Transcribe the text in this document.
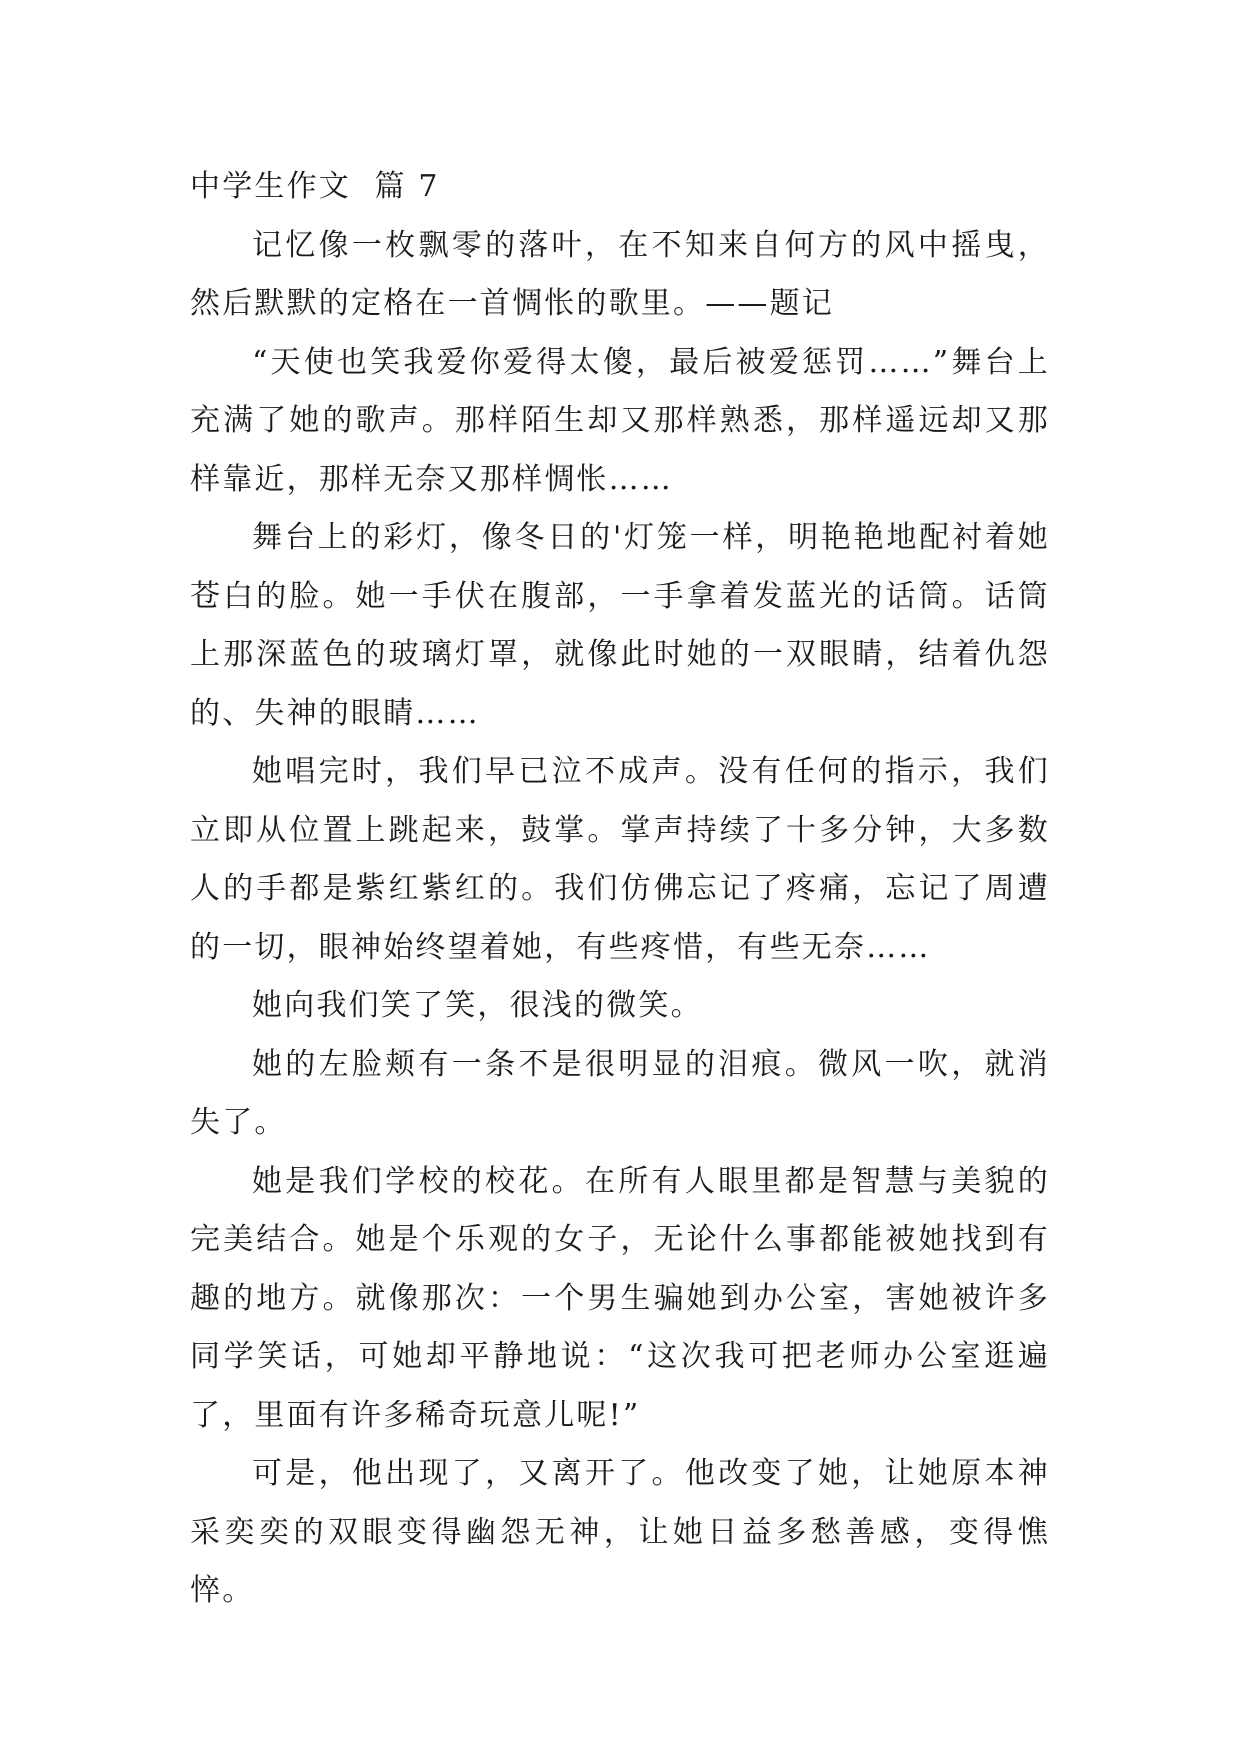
中学生作文  篇 7

记忆像一枚飘零的落叶，在不知来自何方的风中摇曳，然后默默的定格在一首惆怅的歌里。——题记

“天使也笑我爱你爱得太傻，最后被爱惩罚……”舞台上充满了她的歌声。那样陌生却又那样熟悉，那样遥远却又那样靠近，那样无奈又那样惆怅……

舞台上的彩灯，像冬日的'灯笼一样，明艳艳地配衬着她苍白的脸。她一手伏在腹部，一手拿着发蓝光的话筒。话筒上那深蓝色的玻璃灯罩，就像此时她的一双眼睛，结着仇怨的、失神的眼睛……

她唱完时，我们早已泣不成声。没有任何的指示，我们立即从位置上跳起来，鼓掌。掌声持续了十多分钟，大多数人的手都是紫红紫红的。我们仿佛忘记了疼痛，忘记了周遭的一切，眼神始终望着她，有些疼惜，有些无奈……

她向我们笑了笑，很浅的微笑。

她的左脸颊有一条不是很明显的泪痕。微风一吹，就消失了。

她是我们学校的校花。在所有人眼里都是智慧与美貌的完美结合。她是个乐观的女子，无论什么事都能被她找到有趣的地方。就像那次：一个男生骗她到办公室，害她被许多同学笑话，可她却平静地说：“这次我可把老师办公室逛遍了，里面有许多稀奇玩意儿呢!”

可是，他出现了，又离开了。他改变了她，让她原本神采奕奕的双眼变得幽怨无神，让她日益多愁善感，变得憔悴。
